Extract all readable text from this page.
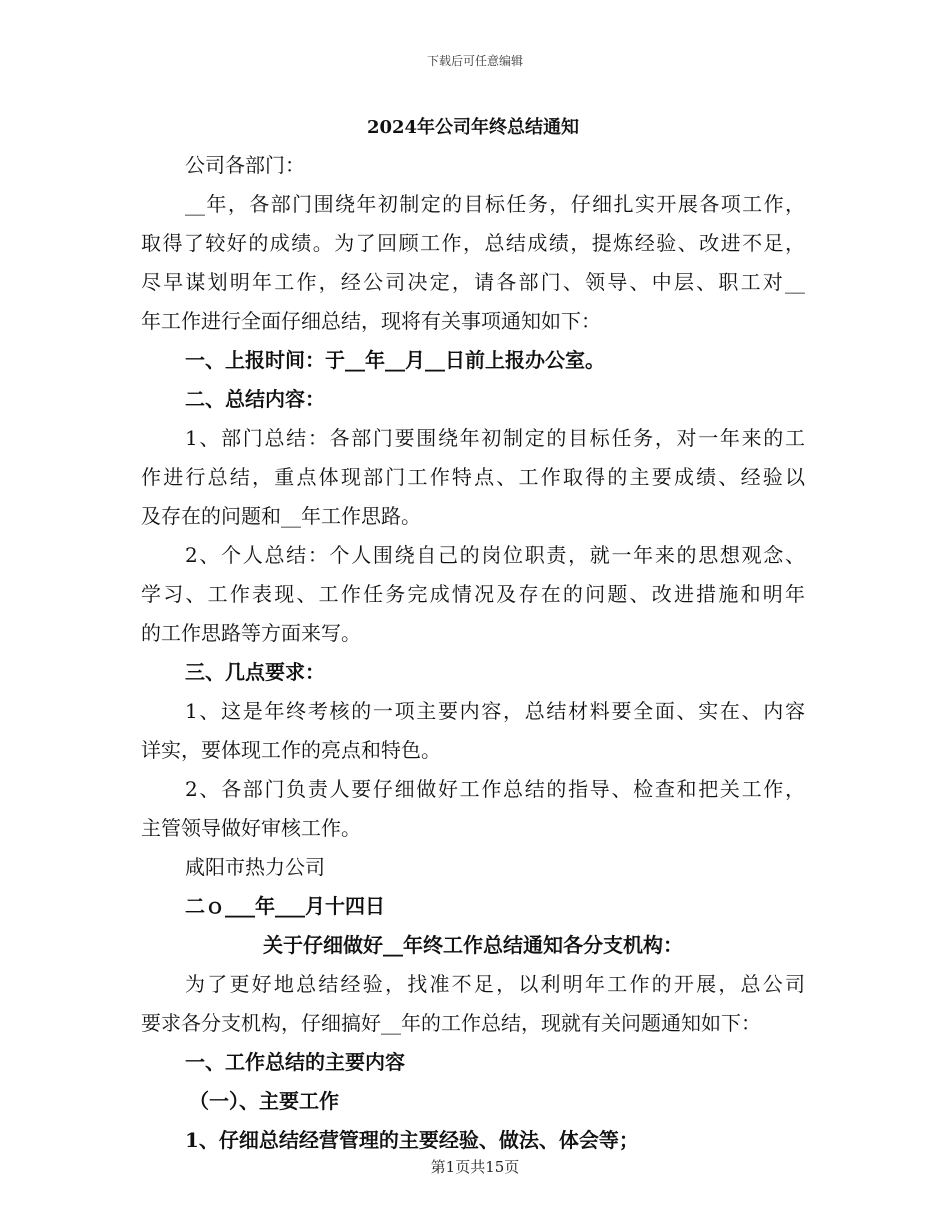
下载后可任意编辑
2024年公司年终总结通知
公司各部门：
__年，各部门围绕年初制定的目标任务，仔细扎实开展各项工作，
取得了较好的成绩。为了回顾工作，总结成绩，提炼经验、改进不足，
尽早谋划明年工作，经公司决定，请各部门、领导、中层、职工对__
年工作进行全面仔细总结，现将有关事项通知如下：
一、上报时间：于__年__月__日前上报办公室。
二、总结内容：
1、部门总结：各部门要围绕年初制定的目标任务，对一年来的工
作进行总结，重点体现部门工作特点、工作取得的主要成绩、经验以
及存在的问题和__年工作思路。
2、个人总结：个人围绕自己的岗位职责，就一年来的思想观念、
学习、工作表现、工作任务完成情况及存在的问题、改进措施和明年
的工作思路等方面来写。
三、几点要求：
1、这是年终考核的一项主要内容，总结材料要全面、实在、内容
详实，要体现工作的亮点和特色。
2、各部门负责人要仔细做好工作总结的指导、检查和把关工作，
主管领导做好审核工作。
咸阳市热力公司
二ｏ___年___月十四日
关于仔细做好__年终工作总结通知各分支机构：
为了更好地总结经验，找准不足，以利明年工作的开展，总公司
要求各分支机构，仔细搞好__年的工作总结，现就有关问题通知如下：
一、工作总结的主要内容
（一）、主要工作
1、仔细总结经营管理的主要经验、做法、体会等；
第1页共15页
